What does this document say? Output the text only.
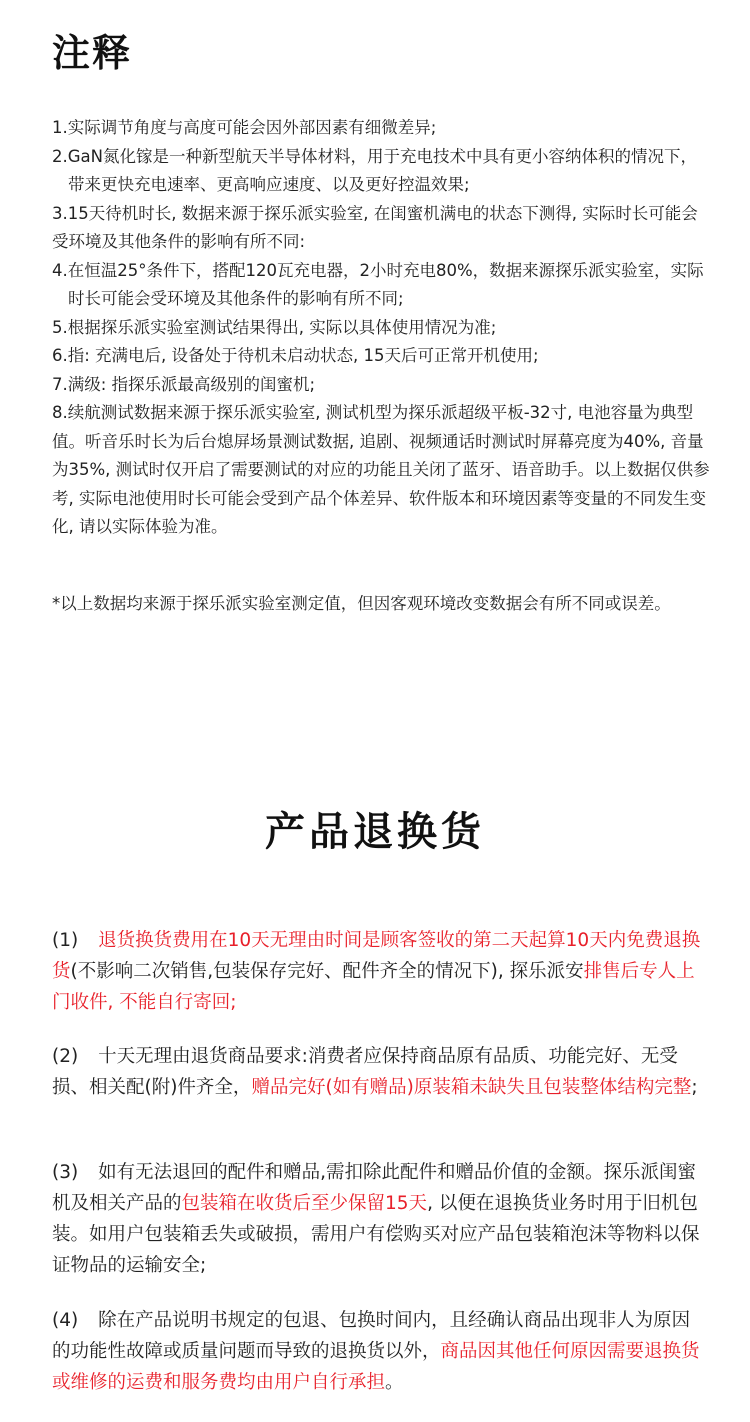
注释
1.实际调节角度与高度可能会因外部因素有细微差异;
2.GaN氮化镓是一种新型航天半导体材料，用于充电技术中具有更小容纳体积的情况下，带来更快充电速率、更高响应速度、以及更好控温效果;
3.15天待机时长, 数据来源于探乐派实验室, 在闺蜜机满电的状态下测得, 实际时长可能会受环境及其他条件的影响有所不同:
4.在恒温25°条件下，搭配120瓦充电器，2小时充电80%，数据来源探乐派实验室，实际时长可能会受环境及其他条件的影响有所不同;
5.根据探乐派实验室测试结果得出, 实际以具体使用情况为准;
6.指: 充满电后, 设备处于待机未启动状态, 15天后可正常开机使用;
7.满级: 指探乐派最高级别的闺蜜机;
8.续航测试数据来源于探乐派实验室, 测试机型为探乐派超级平板-32寸, 电池容量为典型值。听音乐时长为后台熄屏场景测试数据, 追剧、视频通话时测试时屏幕亮度为40%, 音量为35%, 测试时仅开启了需要测试的对应的功能且关闭了蓝牙、语音助手。以上数据仅供参考, 实际电池使用时长可能会受到产品个体差异、软件版本和环境因素等变量的不同发生变化, 请以实际体验为准。
*以上数据均来源于探乐派实验室测定值，但因客观环境改变数据会有所不同或误差。
产品退换货
(1) 退货换货费用在10天无理由时间是顾客签收的第二天起算10天内免费退换货(不影响二次销售,包装保存完好、配件齐全的情况下), 探乐派安排售后专人上门收件, 不能自行寄回;
(2) 十天无理由退货商品要求:消费者应保持商品原有品质、功能完好、无受损、相关配(附)件齐全，赠品完好(如有赠品)原装箱未缺失且包装整体结构完整;
(3) 如有无法退回的配件和赠品,需扣除此配件和赠品价值的金额。探乐派闺蜜机及相关产品的包装箱在收货后至少保留15天, 以便在退换货业务时用于旧机包装。如用户包装箱丢失或破损，需用户有偿购买对应产品包装箱泡沫等物料以保证物品的运输安全;
(4) 除在产品说明书规定的包退、包换时间内，且经确认商品出现非人为原因的功能性故障或质量问题而导致的退换货以外，商品因其他任何原因需要退换货或维修的运费和服务费均由用户自行承担。
